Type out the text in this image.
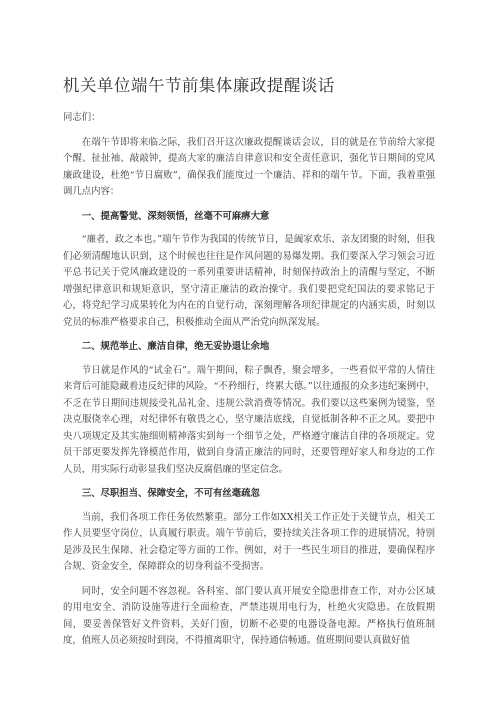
机关单位端午节前集体廉政提醒谈话

同志们：

在端午节即将来临之际，我们召开这次廉政提醒谈话会议，目的就是在节前给大家提个醒、扯扯袖、敲敲钟，提高大家的廉洁自律意识和安全责任意识，强化节日期间的党风廉政建设，杜绝“节日腐败”，确保我们能度过一个廉洁、祥和的端午节。下面，我着重强调几点内容：

一、提高警觉、深刻领悟，丝毫不可麻痹大意

“廉者，政之本也。”端午节作为我国的传统节日，是阖家欢乐、亲友团聚的时刻，但我们必须清醒地认识到，这个时候也往往是作风问题的易爆发期。我们要深入学习领会习近平总书记关于党风廉政建设的一系列重要讲话精神，时刻保持政治上的清醒与坚定，不断增强纪律意识和规矩意识，坚守清正廉洁的政治操守。我们要把党纪国法的要求铭记于心，将党纪学习成果转化为内在的自觉行动，深刻理解各项纪律规定的内涵实质，时刻以党员的标准严格要求自己，积极推动全面从严治党向纵深发展。

二、规范举止、廉洁自律，绝无妥协退让余地

节日就是作风的“试金石”。端午期间，粽子飘香，聚会增多，一些看似平常的人情往来背后可能隐藏着违反纪律的风险。“不矜细行，终累大德。”以往通报的众多违纪案例中，不乏在节日期间违规接受礼品礼金、违规公款消费等情况。我们要以这些案例为镜鉴，坚决克服侥幸心理，对纪律怀有敬畏之心，坚守廉洁底线，自觉抵制各种不正之风。要把中央八项规定及其实施细则精神落实到每一个细节之处，严格遵守廉洁自律的各项规定。党员干部更要发挥先锋模范作用，做到自身清正廉洁的同时，还要管理好家人和身边的工作人员，用实际行动彰显我们坚决反腐倡廉的坚定信念。

三、尽职担当、保障安全，不可有丝毫疏忽

当前，我们各项工作任务依然繁重。部分工作如XX相关工作正处于关键节点，相关工作人员要坚守岗位，认真履行职责。端午节前后，要持续关注各项工作的进展情况，特别是涉及民生保障、社会稳定等方面的工作。例如，对于一些民生项目的推进，要确保程序合规、资金安全，保障群众的切身利益不受损害。

同时，安全问题不容忽视。各科室、部门要认真开展安全隐患排查工作，对办公区域的用电安全、消防设施等进行全面检查，严禁违规用电行为，杜绝火灾隐患。在放假期间，要妥善保管好文件资料，关好门窗，切断不必要的电器设备电源。严格执行值班制度，值班人员必须按时到岗，不得擅离职守，保持通信畅通。值班期间要认真做好值
